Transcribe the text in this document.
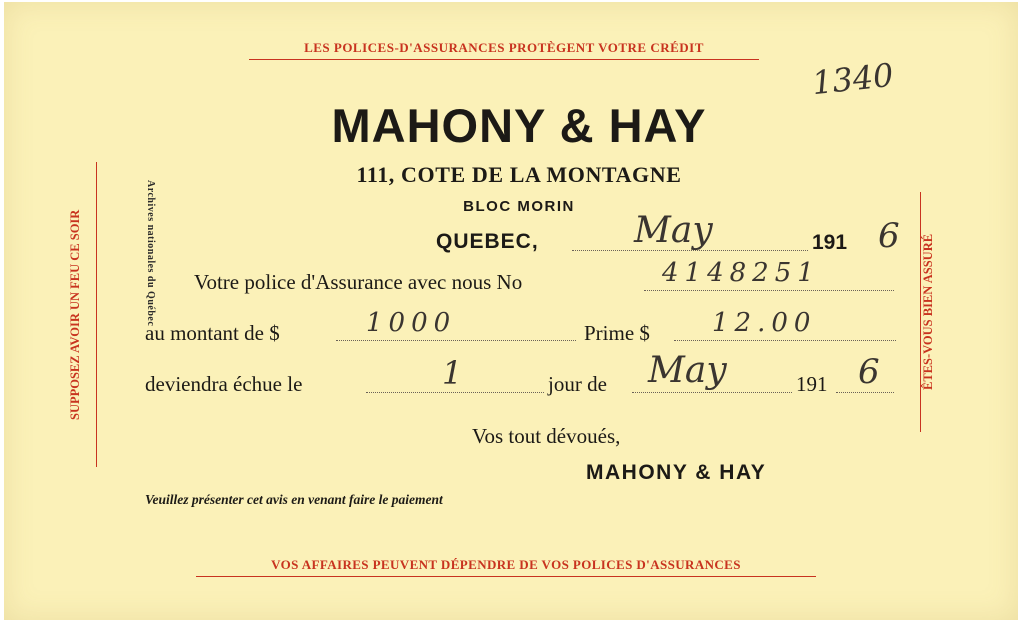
LES POLICES-D'ASSURANCES PROTÈGENT VOTRE CRÉDIT
SUPPOSEZ AVOIR UN FEU CE SOIR	ÊTES-VOUS BIEN ASSURÉ
Archives nationales du Québec
1340
MAHONY & HAY
111, COTE DE LA MONTAGNE
BLOC MORIN
QUEBEC,	May	191 6
Votre police d'Assurance avec nous No	4148251
au montant de $	1000	Prime $ 12.00
deviendra échue le	1	jour de May	191 6
Vos tout dévoués,
MAHONY & HAY
Veuillez présenter cet avis en venant faire le paiement
VOS AFFAIRES PEUVENT DÉPENDRE DE VOS POLICES D'ASSURANCES
